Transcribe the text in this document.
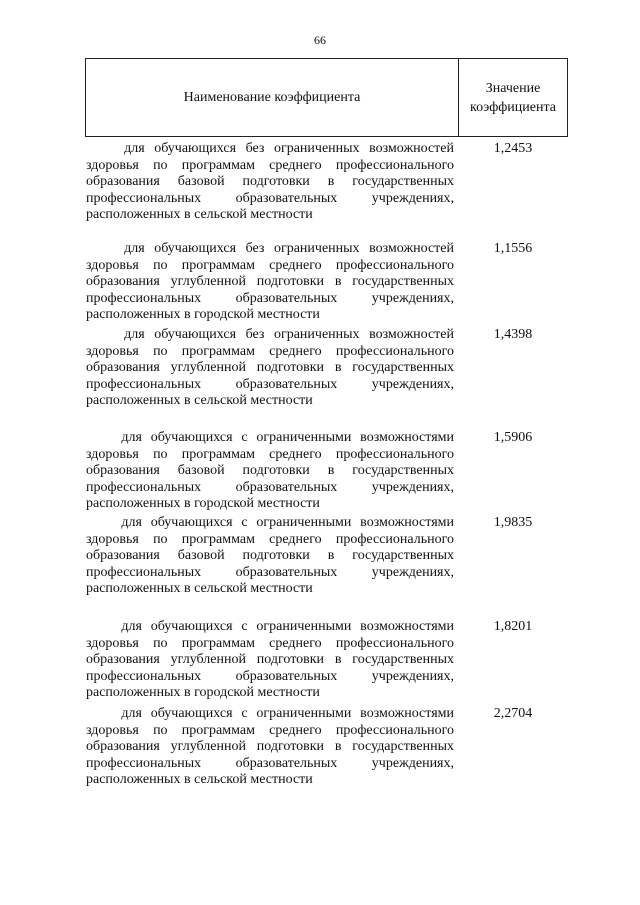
66
Наименование коэффициента
Значение
коэффициента
для обучающихся без ограниченных возможностей здоровья по программам среднего профессионального образования базовой подготовки в государственных профессиональных образовательных учреждениях, расположенных в сельской местности
1,2453
для обучающихся без ограниченных возможностей здоровья по программам среднего профессионального образования углубленной подготовки в государственных профессиональных образовательных учреждениях, расположенных в городской местности
1,1556
для обучающихся без ограниченных возможностей здоровья по программам среднего профессионального образования углубленной подготовки в государственных профессиональных образовательных учреждениях, расположенных в сельской местности
1,4398
для обучающихся с ограниченными возможностями здоровья по программам среднего профессионального образования базовой подготовки в государственных профессиональных образовательных учреждениях, расположенных в городской местности
1,5906
для обучающихся с ограниченными возможностями здоровья по программам среднего профессионального образования базовой подготовки в государственных профессиональных образовательных учреждениях, расположенных в сельской местности
1,9835
для обучающихся с ограниченными возможностями здоровья по программам среднего профессионального образования углубленной подготовки в государственных профессиональных образовательных учреждениях, расположенных в городской местности
1,8201
для обучающихся с ограниченными возможностями здоровья по программам среднего профессионального образования углубленной подготовки в государственных профессиональных образовательных учреждениях, расположенных в сельской местности
2,2704
